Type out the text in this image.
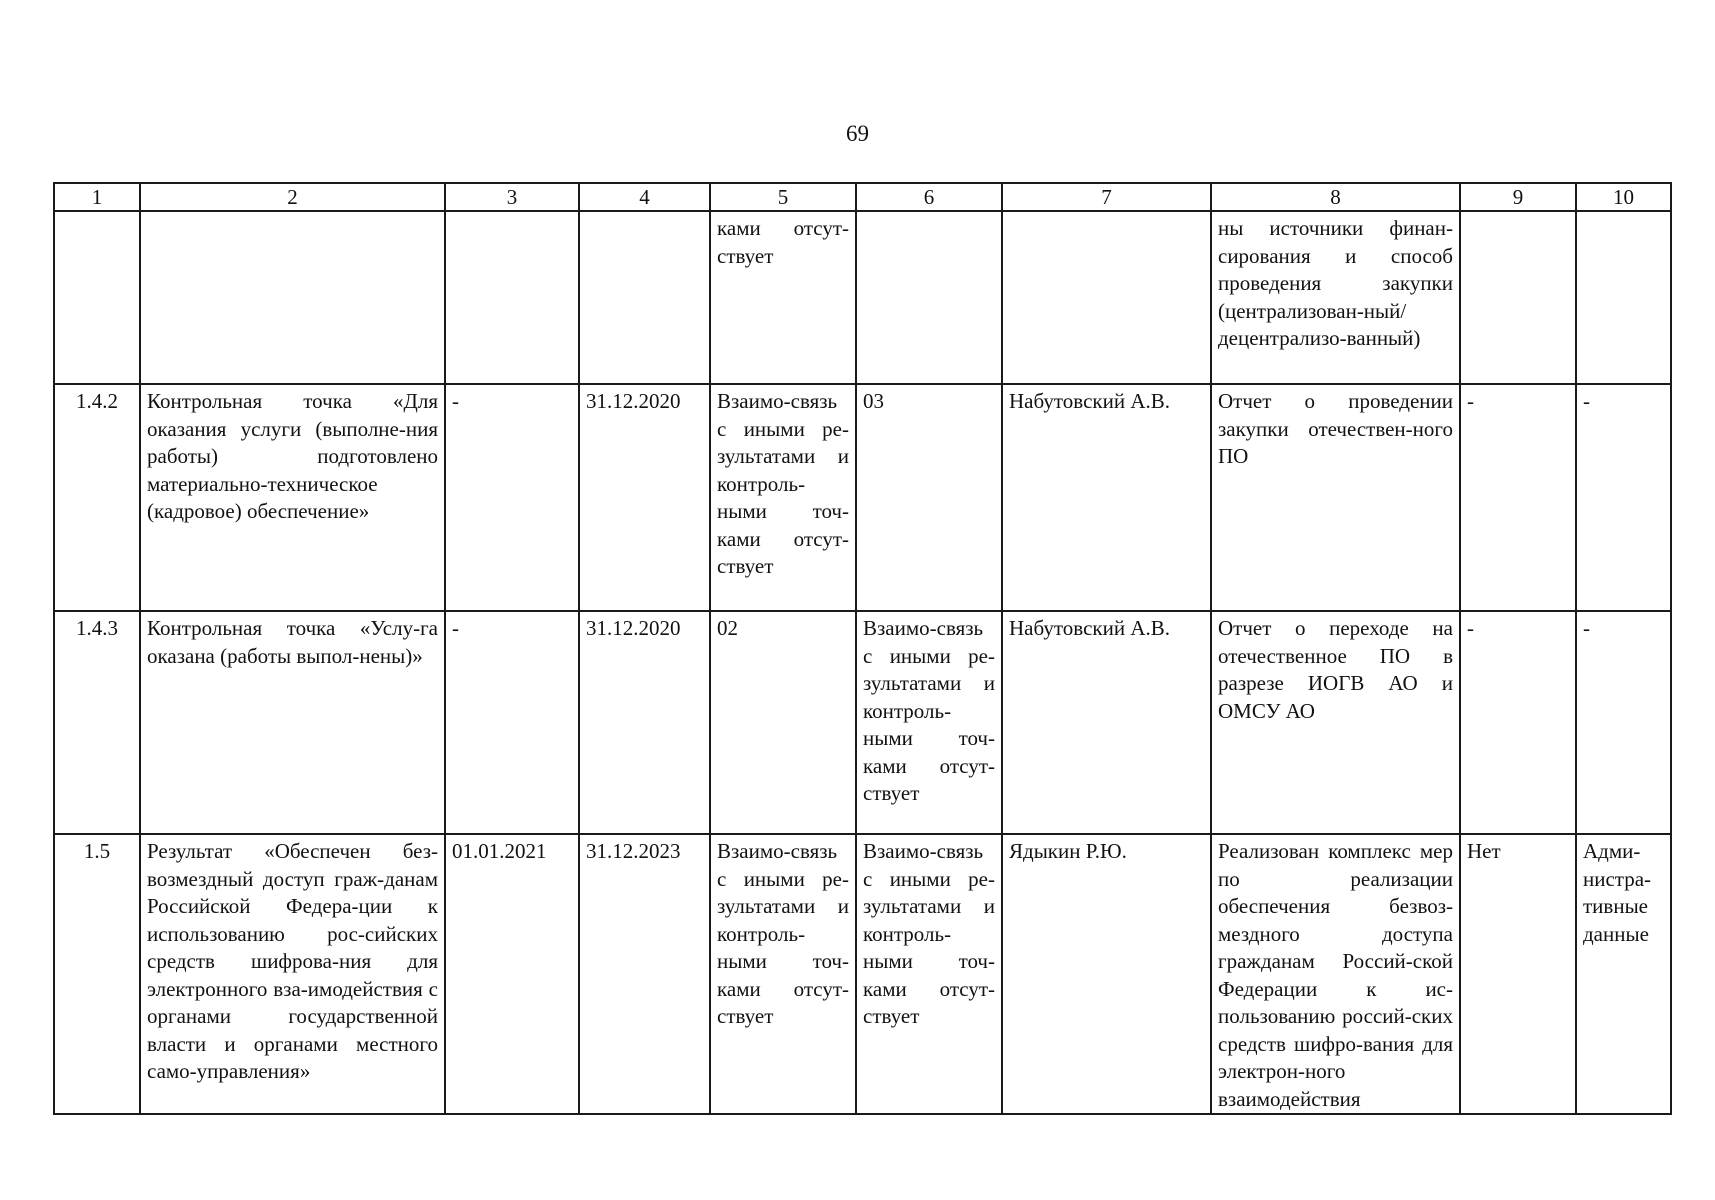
69
1	2	3	4	5	6	7	8	9	10
				ками отсут-ствует			ны источники финан-сирования и способ проведения закупки (централизован-ный/децентрализо-ванный)		
1.4.2	Контрольная точка «Для оказания услуги (выполне-ния работы) подготовлено материально-техническое (кадровое) обеспечение»	-	31.12.2020	Взаимо-связь с иными ре-зультатами и контроль-ными точ-ками отсут-ствует	03	Набутовский А.В.	Отчет о проведении закупки отечествен-ного ПО	-	-
1.4.3	Контрольная точка «Услу-га оказана (работы выпол-нены)»	-	31.12.2020	02	Взаимо-связь с иными ре-зультатами и контроль-ными точ-ками отсут-ствует	Набутовский А.В.	Отчет о переходе на отечественное ПО в разрезе ИОГВ АО и ОМСУ АО	-	-
1.5	Результат «Обеспечен без-возмездный доступ граж-данам Российской Федера-ции к использованию рос-сийских средств шифрова-ния для электронного вза-имодействия с органами государственной власти и органами местного само-управления»	01.01.2021	31.12.2023	Взаимо-связь с иными ре-зультатами и контроль-ными точ-ками отсут-ствует	Взаимо-связь с иными ре-зультатами и контроль-ными точ-ками отсут-ствует	Ядыкин Р.Ю.	Реализован комплекс мер по реализации обеспечения безвоз-мездного доступа гражданам Россий-ской Федерации к ис-пользованию россий-ских средств шифро-вания для электрон-ного взаимодействия	Нет	Адми-нистра-тивные данные
